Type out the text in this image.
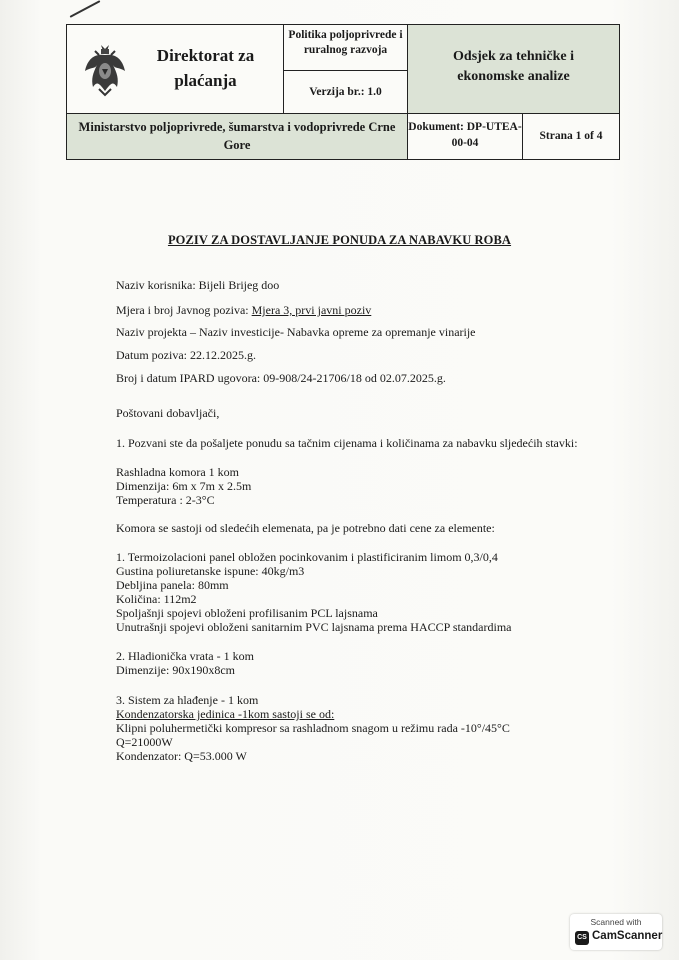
Direktorat za
plaćanja
Politika poljoprivrede i
ruralnog razvoja
Verzija br.: 1.0
Odsjek za tehničke i
ekonomske analize
Ministarstvo poljoprivrede, šumarstva i vodoprivrede Crne
Gore
Dokument: DP-UTEA-
00-04
Strana 1 of 4
POZIV ZA DOSTAVLJANJE PONUDA ZA NABAVKU ROBA
Naziv korisnika: Bijeli Brijeg doo
Mjera i broj Javnog poziva: Mjera 3, prvi javni poziv
Naziv projekta – Naziv investicije- Nabavka opreme za opremanje vinarije
Datum poziva: 22.12.2025.g.
Broj i datum IPARD ugovora: 09-908/24-21706/18 od 02.07.2025.g.
Poštovani dobavljači,
1. Pozvani ste da pošaljete ponudu sa tačnim cijenama i količinama za nabavku sljedećih stavki:
Rashladna komora 1 kom
Dimenzija: 6m x 7m x 2.5m
Temperatura : 2-3°C
Komora se sastoji od sledećih elemenata, pa je potrebno dati cene za elemente:
1. Termoizolacioni panel obložen pocinkovanim i plastificiranim limom 0,3/0,4
Gustina poliuretanske ispune: 40kg/m3
Debljina panela: 80mm
Količina: 112m2
Spoljašnji spojevi obloženi profilisanim PCL lajsnama
Unutrašnji spojevi obloženi sanitarnim PVC lajsnama prema HACCP standardima
2. Hladionička vrata - 1 kom
Dimenzije: 90x190x8cm
3. Sistem za hlađenje - 1 kom
Kondenzatorska jedinica -1kom sastoji se od:
Klipni poluhermetički kompresor sa rashladnom snagom u režimu rada -10°/45°C
Q=21000W
Kondenzator: Q=53.000 W
Scanned with
CS CamScanner
